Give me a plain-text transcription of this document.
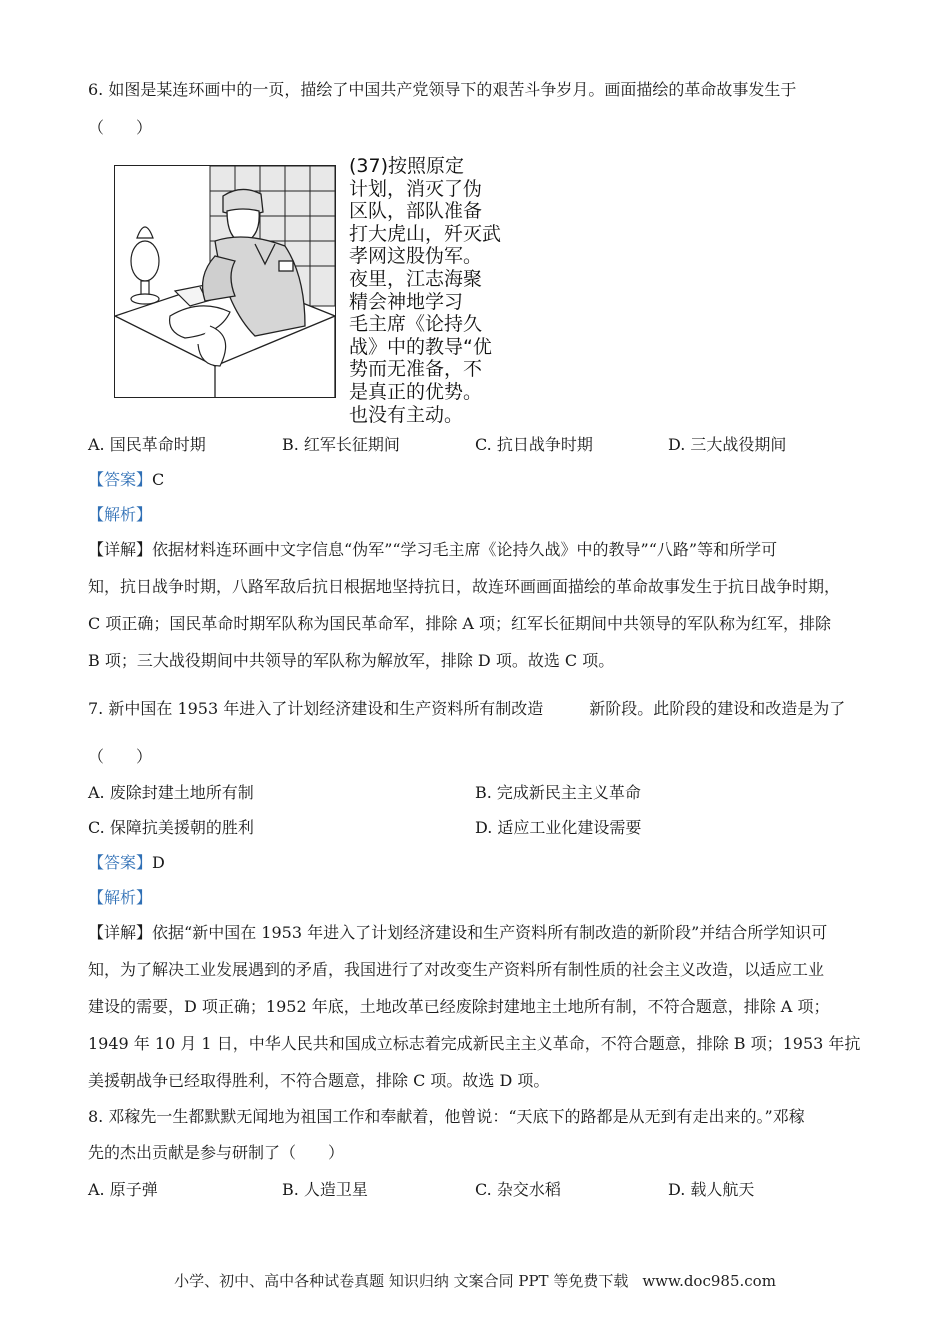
6. 如图是某连环画中的一页，描绘了中国共产党领导下的艰苦斗争岁月。画面描绘的革命故事发生于
（　　）
(37)按照原定
计划，消灭了伪
区队，部队准备
打大虎山，歼灭武
孝网这股伪军。
夜里，江志海聚
精会神地学习
毛主席《论持久
战》中的教导“优
势而无准备，不
是真正的优势。
也没有主动。
A. 国民革命时期	B. 红军长征期间	C. 抗日战争时期	D. 三大战役期间
【答案】C
【解析】
【详解】依据材料连环画中文字信息“伪军”“学习毛主席《论持久战》中的教导”“八路”等和所学可
知，抗日战争时期，八路军敌后抗日根据地坚持抗日，故连环画画面描绘的革命故事发生于抗日战争时期，
C 项正确；国民革命时期军队称为国民革命军，排除 A 项；红军长征期间中共领导的军队称为红军，排除
B 项；三大战役期间中共领导的军队称为解放军，排除 D 项。故选 C 项。
7. 新中国在 1953 年进入了计划经济建设和生产资料所有制改造	新阶段。此阶段的建设和改造是为了
（　　）
A. 废除封建土地所有制	B. 完成新民主主义革命
C. 保障抗美援朝的胜利	D. 适应工业化建设需要
【答案】D
【解析】
【详解】依据“新中国在 1953 年进入了计划经济建设和生产资料所有制改造的新阶段”并结合所学知识可
知，为了解决工业发展遇到的矛盾，我国进行了对改变生产资料所有制性质的社会主义改造，以适应工业
建设的需要，D 项正确；1952 年底，土地改革已经废除封建地主土地所有制，不符合题意，排除 A 项；
1949 年 10 月 1 日，中华人民共和国成立标志着完成新民主主义革命，不符合题意，排除 B 项；1953 年抗
美援朝战争已经取得胜利，不符合题意，排除 C 项。故选 D 项。
8. 邓稼先一生都默默无闻地为祖国工作和奉献着，他曾说：“天底下的路都是从无到有走出来的。”邓稼
先的杰出贡献是参与研制了（　　）
A. 原子弹	B. 人造卫星	C. 杂交水稻	D. 载人航天
小学、初中、高中各种试卷真题 知识归纳 文案合同 PPT 等免费下载 www.doc985.com
